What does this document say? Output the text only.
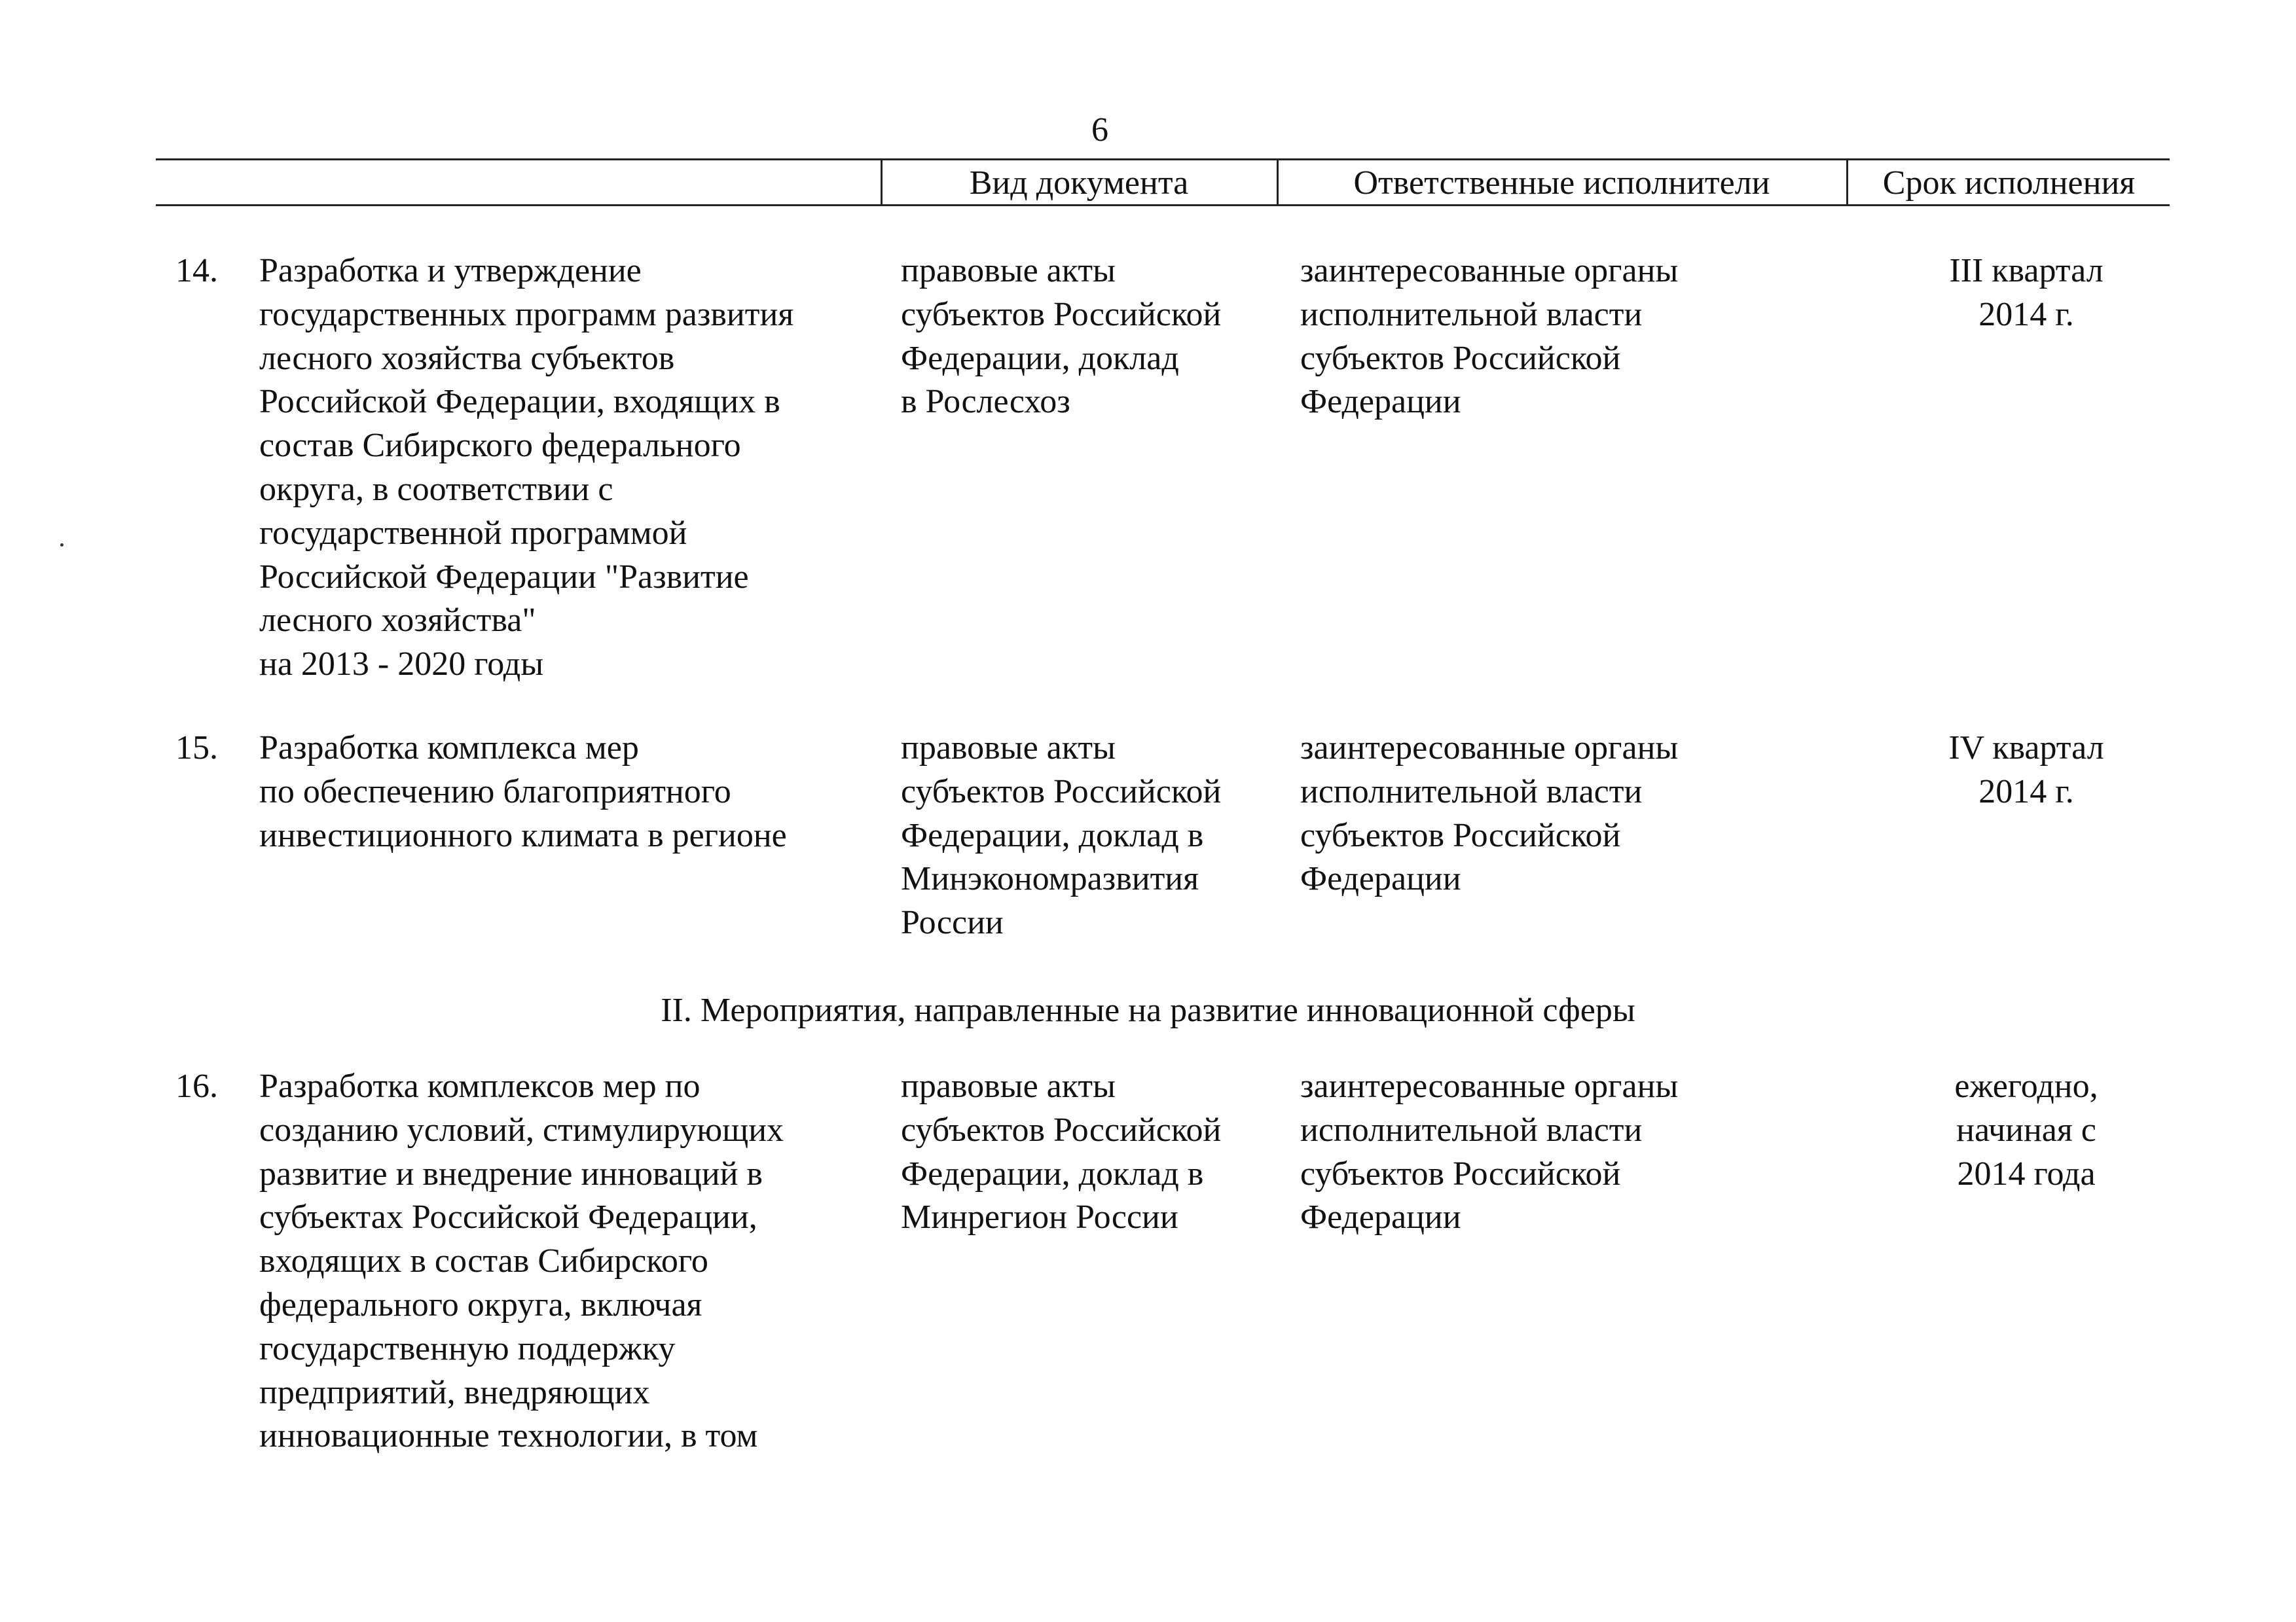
6
Вид документа	Ответственные исполнители	Срок исполнения
14. Разработка и утверждение
государственных программ развития
лесного хозяйства субъектов
Российской Федерации, входящих в
состав Сибирского федерального
округа, в соответствии с
государственной программой
Российской Федерации "Развитие
лесного хозяйства"
на 2013 - 2020 годы
правовые акты
субъектов Российской
Федерации, доклад
в Рослесхоз
заинтересованные органы
исполнительной власти
субъектов Российской
Федерации
III квартал
2014 г.
15. Разработка комплекса мер
по обеспечению благоприятного
инвестиционного климата в регионе
правовые акты
субъектов Российской
Федерации, доклад в
Минэкономразвития
России
заинтересованные органы
исполнительной власти
субъектов Российской
Федерации
IV квартал
2014 г.
II. Мероприятия, направленные на развитие инновационной сферы
16. Разработка комплексов мер по
созданию условий, стимулирующих
развитие и внедрение инноваций в
субъектах Российской Федерации,
входящих в состав Сибирского
федерального округа, включая
государственную поддержку
предприятий, внедряющих
инновационные технологии, в том
правовые акты
субъектов Российской
Федерации, доклад в
Минрегион России
заинтересованные органы
исполнительной власти
субъектов Российской
Федерации
ежегодно,
начиная с
2014 года
